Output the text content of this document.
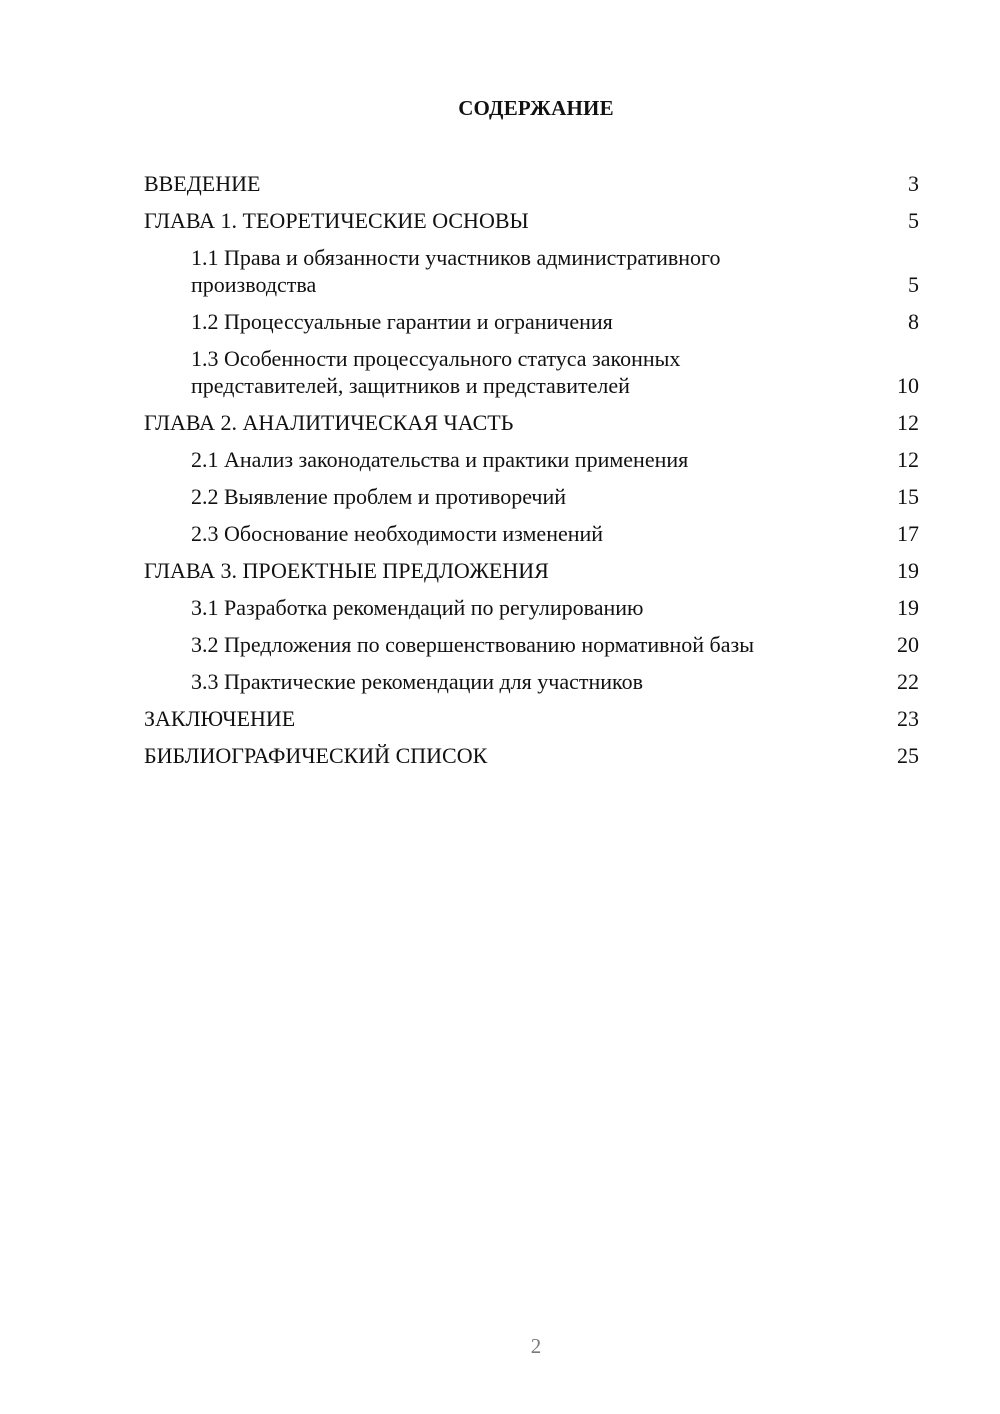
СОДЕРЖАНИЕ
ВВЕДЕНИЕ	3
ГЛАВА 1. ТЕОРЕТИЧЕСКИЕ ОСНОВЫ	5
1.1 Права и обязанности участников административного производства	5
1.2 Процессуальные гарантии и ограничения	8
1.3 Особенности процессуального статуса законных представителей, защитников и представителей	10
ГЛАВА 2. АНАЛИТИЧЕСКАЯ ЧАСТЬ	12
2.1 Анализ законодательства и практики применения	12
2.2 Выявление проблем и противоречий	15
2.3 Обоснование необходимости изменений	17
ГЛАВА 3. ПРОЕКТНЫЕ ПРЕДЛОЖЕНИЯ	19
3.1 Разработка рекомендаций по регулированию	19
3.2 Предложения по совершенствованию нормативной базы	20
3.3 Практические рекомендации для участников	22
ЗАКЛЮЧЕНИЕ	23
БИБЛИОГРАФИЧЕСКИЙ СПИСОК	25
2
